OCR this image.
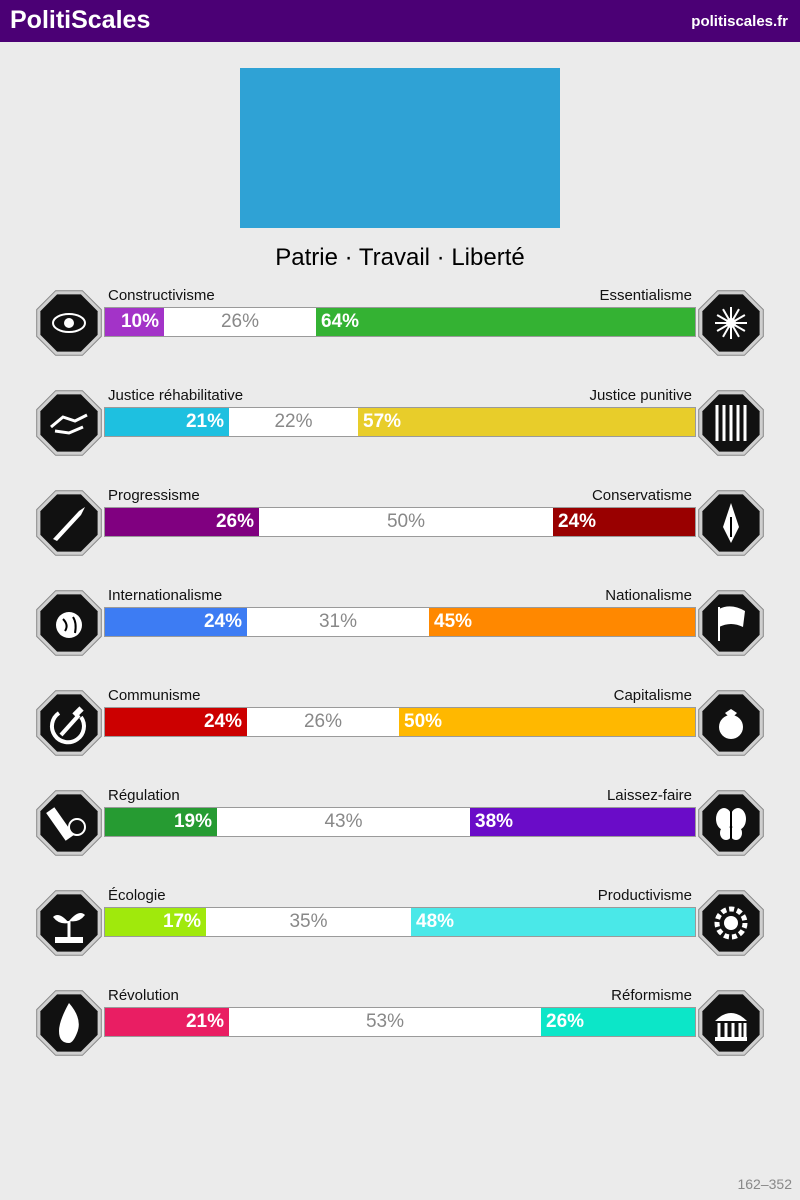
PolitiScales	politiscales.fr
Patrie · Travail · Liberté
Constructivisme	Essentialisme
10%	26%	64%
Justice réhabilitative	Justice punitive
21%	22%	57%
Progressisme	Conservatisme
26%	50%	24%
Internationalisme	Nationalisme
24%	31%	45%
Communisme	Capitalisme
24%	26%	50%
Régulation	Laissez-faire
19%	43%	38%
Écologie	Productivisme
17%	35%	48%
Révolution	Réformisme
21%	53%	26%
162–352
